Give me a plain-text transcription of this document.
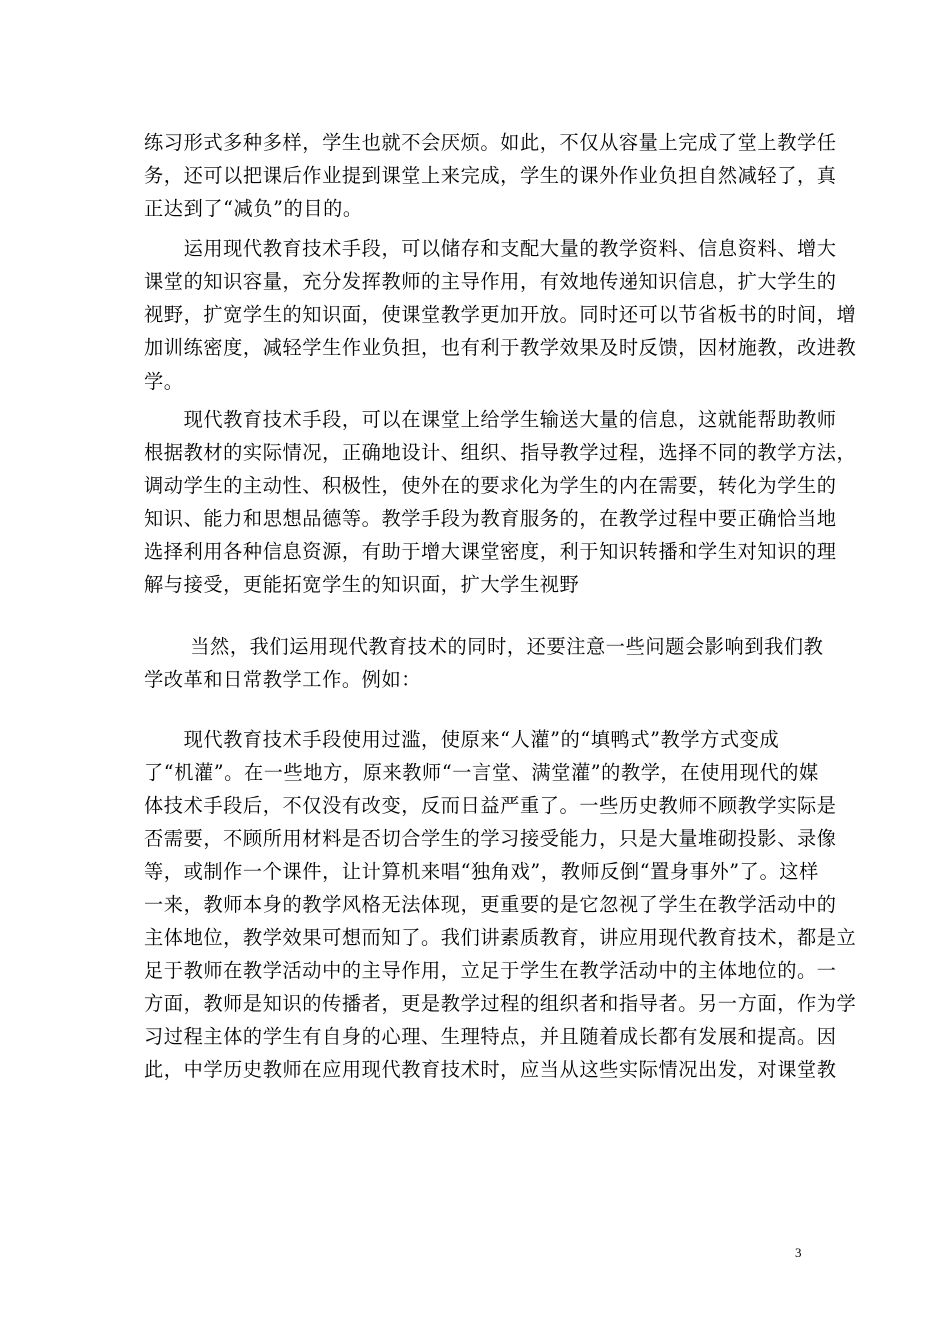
练习形式多种多样，学生也就不会厌烦。如此，不仅从容量上完成了堂上教学任
务，还可以把课后作业提到课堂上来完成，学生的课外作业负担自然减轻了，真
正达到了“减负”的目的。
　　运用现代教育技术手段，可以储存和支配大量的教学资料、信息资料、增大
课堂的知识容量，充分发挥教师的主导作用，有效地传递知识信息，扩大学生的
视野，扩宽学生的知识面，使课堂教学更加开放。同时还可以节省板书的时间，增
加训练密度，减轻学生作业负担，也有利于教学效果及时反馈，因材施教，改进教
学。
　　现代教育技术手段，可以在课堂上给学生输送大量的信息，这就能帮助教师
根据教材的实际情况，正确地设计、组织、指导教学过程，选择不同的教学方法，
调动学生的主动性、积极性，使外在的要求化为学生的内在需要，转化为学生的
知识、能力和思想品德等。教学手段为教育服务的，在教学过程中要正确恰当地
选择利用各种信息资源，有助于增大课堂密度，利于知识转播和学生对知识的理
解与接受，更能拓宽学生的知识面，扩大学生视野
　　 当然，我们运用现代教育技术的同时，还要注意一些问题会影响到我们教
学改革和日常教学工作。例如：
　　现代教育技术手段使用过滥，使原来“人灌”的“填鸭式”教学方式变成
了“机灌”。在一些地方，原来教师“一言堂、满堂灌”的教学，在使用现代的媒
体技术手段后，不仅没有改变，反而日益严重了。一些历史教师不顾教学实际是
否需要，不顾所用材料是否切合学生的学习接受能力，只是大量堆砌投影、录像
等，或制作一个课件，让计算机来唱“独角戏”，教师反倒“置身事外”了。这样
一来，教师本身的教学风格无法体现，更重要的是它忽视了学生在教学活动中的
主体地位，教学效果可想而知了。我们讲素质教育，讲应用现代教育技术，都是立
足于教师在教学活动中的主导作用，立足于学生在教学活动中的主体地位的。一
方面，教师是知识的传播者，更是教学过程的组织者和指导者。另一方面，作为学
习过程主体的学生有自身的心理、生理特点，并且随着成长都有发展和提高。因
此，中学历史教师在应用现代教育技术时，应当从这些实际情况出发，对课堂教
3
